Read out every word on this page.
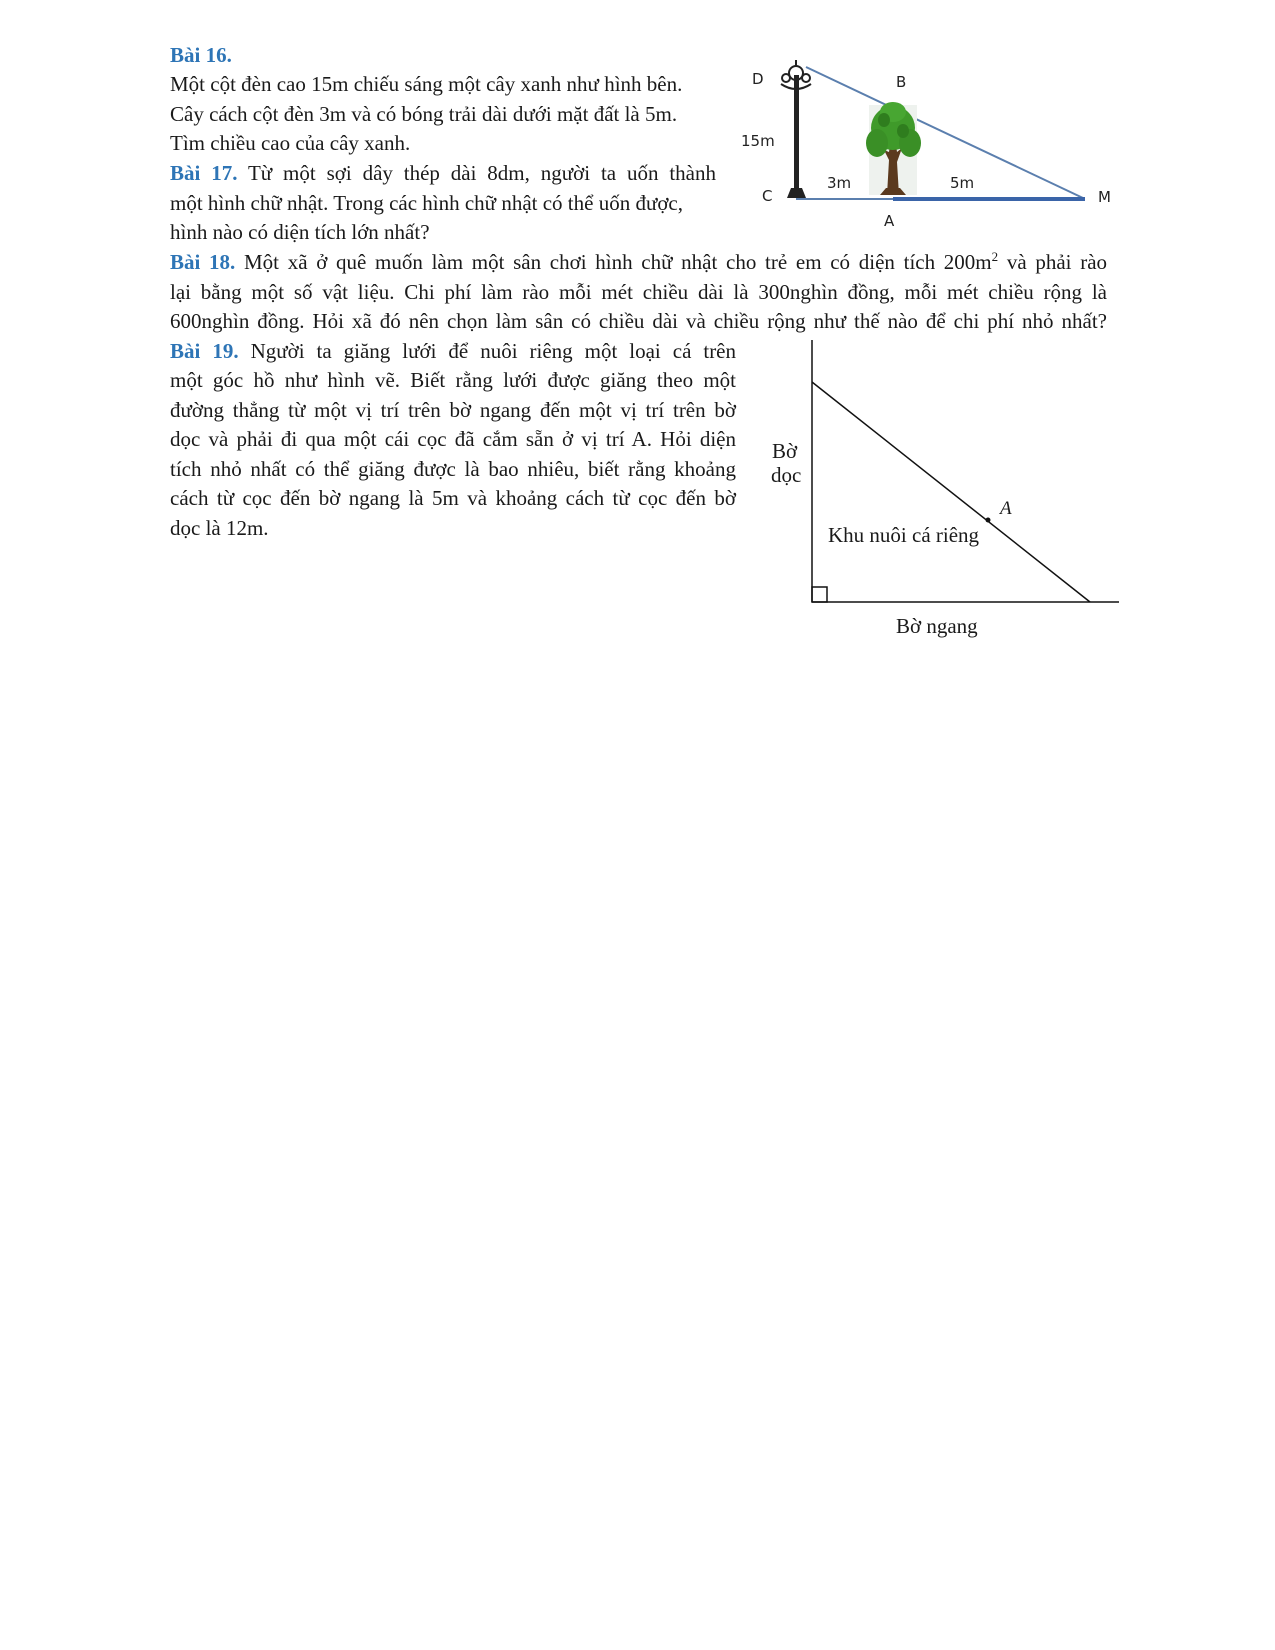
Bài 16.

Một cột đèn cao 15m chiếu sáng một cây xanh như hình bên.

Cây cách cột đèn 3m và có bóng trải dài dưới mặt đất là 5m.

Tìm chiều cao của cây xanh.

D	B
15m
C
3m	5m
M
A

Bài 17. Từ một sợi dây thép dài 8dm, người ta uốn thành

một hình chữ nhật. Trong các hình chữ nhật có thể uốn được,

hình nào có diện tích lớn nhất?

Bài 18. Một xã ở quê muốn làm một sân chơi hình chữ nhật cho trẻ em có diện tích $200m^2$ và phải rào

lại bằng một số vật liệu. Chi phí làm rào mỗi mét chiều dài là 300nghìn đồng, mỗi mét chiều rộng là

600nghìn đồng. Hỏi xã đó nên chọn làm sân có chiều dài và chiều rộng như thế nào để chi phí nhỏ nhất?

Bài 19. Người ta giăng lưới để nuôi riêng một loại cá trên

một góc hồ như hình vẽ. Biết rằng lưới được giăng theo một

đường thẳng từ một vị trí trên bờ ngang đến một vị trí trên bờ

dọc và phải đi qua một cái cọc đã cắm sẵn ở vị trí A. Hỏi diện

tích nhỏ nhất có thể giăng được là bao nhiêu, biết rằng khoảng

cách từ cọc đến bờ ngang là 5m và khoảng cách từ cọc đến bờ

dọc là 12m.

Bờ
dọc
A
Khu nuôi cá riêng
Bờ ngang
